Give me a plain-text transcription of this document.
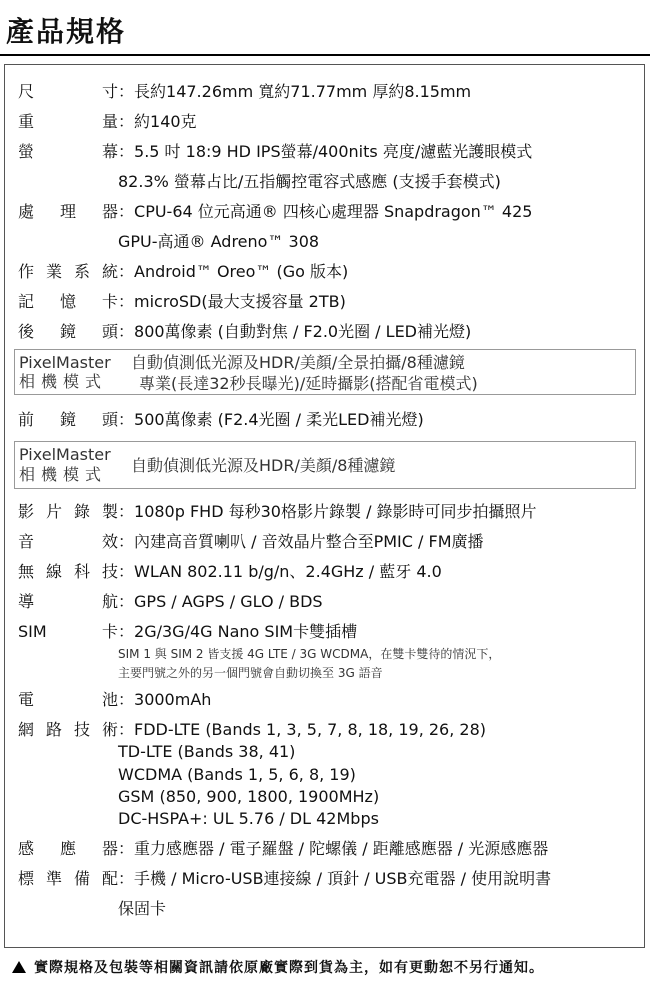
產品規格
尺寸：長約147.26mm 寬約71.77mm 厚約8.15mm
重量：約140克
螢幕：5.5 吋 18:9 HD IPS螢幕/400nits 亮度/濾藍光護眼模式
82.3% 螢幕占比/五指觸控電容式感應 (支援手套模式)
處理器：CPU-64 位元高通® 四核心處理器 Snapdragon™ 425
GPU-高通® Adreno™ 308
作業系統：Android™ Oreo™ (Go 版本)
記憶卡：microSD(最大支援容量 2TB)
後鏡頭：800萬像素 (自動對焦 / F2.0光圈 / LED補光燈)
PixelMaster
相機模式
自動偵測低光源及HDR/美顏/全景拍攝/8種濾鏡
專業(長達32秒長曝光)/延時攝影(搭配省電模式)
前鏡頭：500萬像素 (F2.4光圈 / 柔光LED補光燈)
PixelMaster
相機模式 自動偵測低光源及HDR/美顏/8種濾鏡
影片錄製：1080p FHD 每秒30格影片錄製 / 錄影時可同步拍攝照片
音效：內建高音質喇叭 / 音效晶片整合至PMIC / FM廣播
無線科技：WLAN 802.11 b/g/n、2.4GHz / 藍牙 4.0
導航：GPS / AGPS / GLO / BDS
SIM 卡：2G/3G/4G Nano SIM卡雙插槽
SIM 1 與 SIM 2 皆支援 4G LTE / 3G WCDMA，在雙卡雙待的情況下，
主要門號之外的另一個門號會自動切換至 3G 語音
電池：3000mAh
網路技術：FDD-LTE (Bands 1, 3, 5, 7, 8, 18, 19, 26, 28)
TD-LTE (Bands 38, 41)
WCDMA (Bands 1, 5, 6, 8, 19)
GSM (850, 900, 1800, 1900MHz)
DC-HSPA+: UL 5.76 / DL 42Mbps
感應器：重力感應器 / 電子羅盤 / 陀螺儀 / 距離感應器 / 光源感應器
標準備配：手機 / Micro-USB連接線 / 頂針 / USB充電器 / 使用說明書
保固卡
實際規格及包裝等相關資訊請依原廠實際到貨為主，如有更動恕不另行通知。
